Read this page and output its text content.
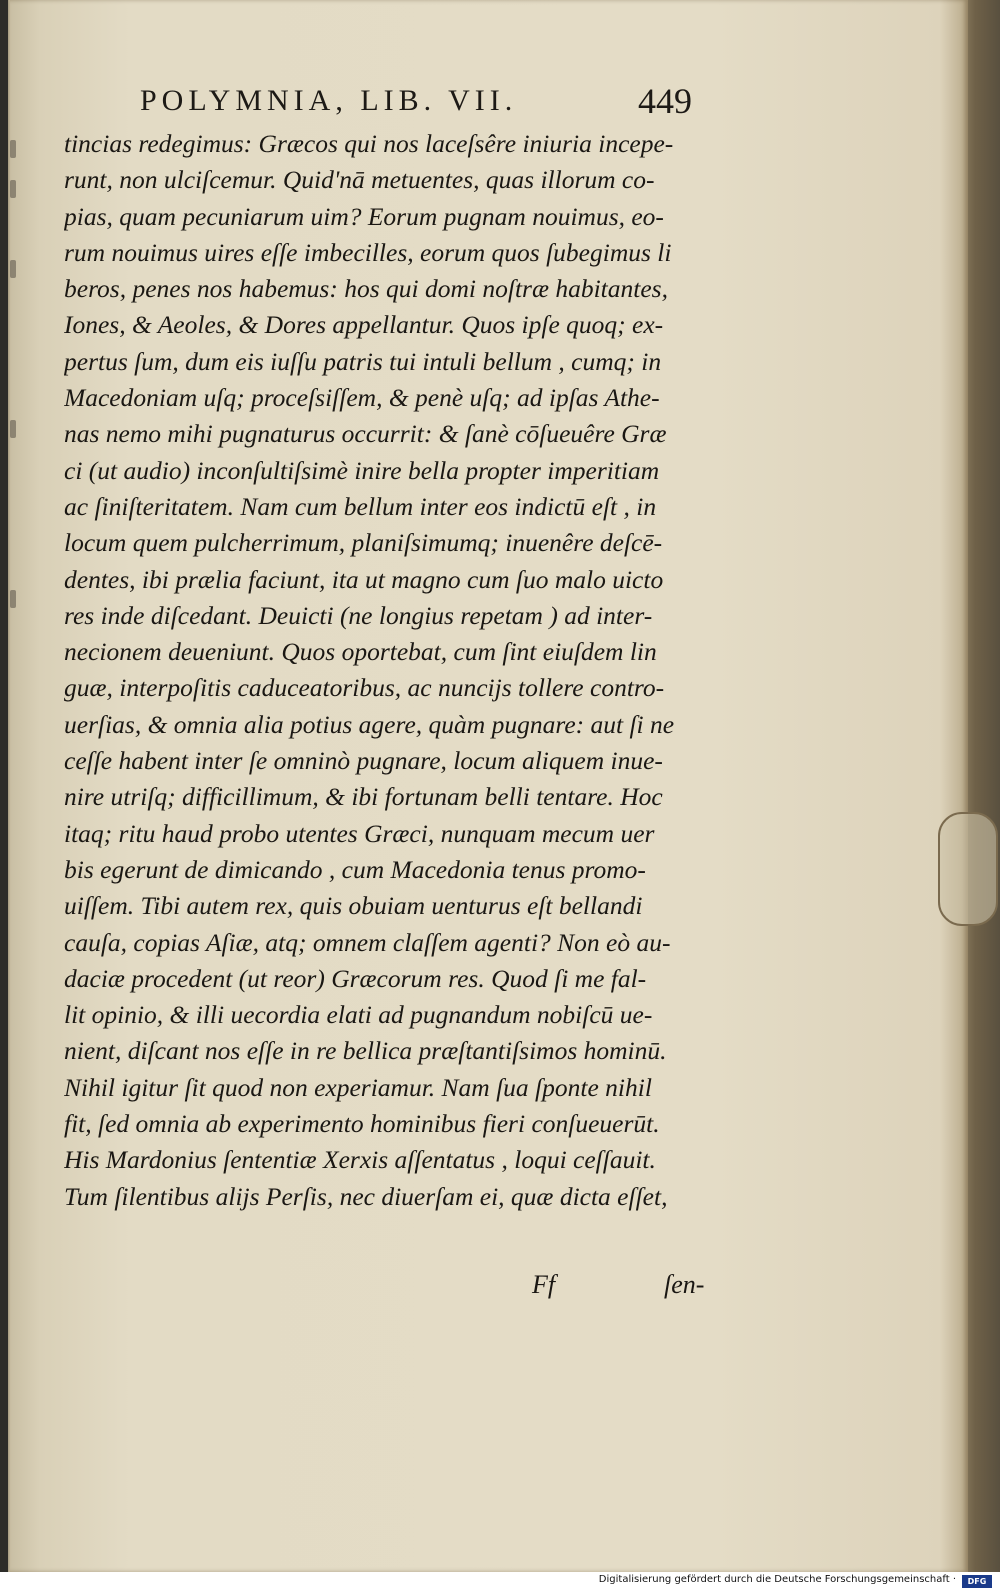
POLYMNIA, LIB. VII.	449
tincias redegimus: Græcos qui nos laceſsêre iniuria incepe-
runt, non ulciſcemur. Quid'nā metuentes, quas illorum co-
pias, quam pecuniarum uim? Eorum pugnam nouimus, eo-
rum nouimus uires eſſe imbecilles, eorum quos ſubegimus li
beros, penes nos habemus: hos qui domi noſtræ habitantes,
Iones, & Aeoles, & Dores appellantur. Quos ipſe quoq; ex-
pertus ſum, dum eis iuſſu patris tui intuli bellum , cumq; in
Macedoniam uſq; proceſsiſſem, & penè uſq; ad ipſas Athe-
nas nemo mihi pugnaturus occurrit: & ſanè cōſueuêre Græ
ci (ut audio) inconſultiſsimè inire bella propter imperitiam
ac ſiniſteritatem. Nam cum bellum inter eos indictū eſt , in
locum quem pulcherrimum, planiſsimumq; inuenêre deſcē-
dentes, ibi prælia faciunt, ita ut magno cum ſuo malo uicto
res inde diſcedant. Deuicti (ne longius repetam ) ad inter-
necionem deueniunt. Quos oportebat, cum ſint eiuſdem lin
guæ, interpoſitis caduceatoribus, ac nuncijs tollere contro-
uerſias, & omnia alia potius agere, quàm pugnare: aut ſi ne
ceſſe habent inter ſe omninò pugnare, locum aliquem inue-
nire utriſq; difficillimum, & ibi fortunam belli tentare. Hoc
itaq; ritu haud probo utentes Græci, nunquam mecum uer
bis egerunt de dimicando , cum Macedonia tenus promo-
uiſſem. Tibi autem rex, quis obuiam uenturus eſt bellandi
cauſa, copias Aſiæ, atq; omnem claſſem agenti? Non eò au-
daciæ procedent (ut reor) Græcorum res. Quod ſi me fal-
lit opinio, & illi uecordia elati ad pugnandum nobiſcū ue-
nient, diſcant nos eſſe in re bellica præſtantiſsimos hominū.
Nihil igitur ſit quod non experiamur. Nam ſua ſponte nihil
fit, ſed omnia ab experimento hominibus fieri conſueuerūt.
His Mardonius ſententiæ Xerxis aſſentatus , loqui ceſſauit.
Tum ſilentibus alijs Perſis, nec diuerſam ei, quæ dicta eſſet,
Ff	ſen-
Digitalisierung gefördert durch die Deutsche Forschungsgemeinschaft ·	DFG
